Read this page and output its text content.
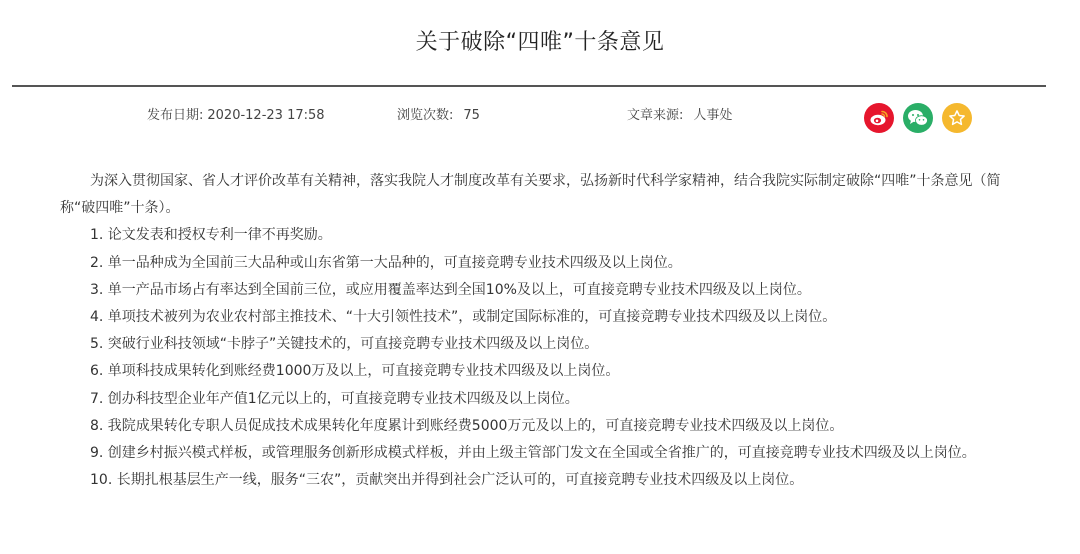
关于破除“四唯”十条意见
发布日期: 2020-12-23 17:58	浏览次数: 75	文章来源: 人事处

为深入贯彻国家、省人才评价改革有关精神，落实我院人才制度改革有关要求，弘扬新时代科学家精神，结合我院实际制定破除“四唯”十条意见（简称“破四唯”十条）。

1. 论文发表和授权专利一律不再奖励。

2. 单一品种成为全国前三大品种或山东省第一大品种的，可直接竞聘专业技术四级及以上岗位。

3. 单一产品市场占有率达到全国前三位，或应用覆盖率达到全国10%及以上，可直接竞聘专业技术四级及以上岗位。

4. 单项技术被列为农业农村部主推技术、“十大引领性技术”，或制定国际标准的，可直接竞聘专业技术四级及以上岗位。

5. 突破行业科技领域“卡脖子”关键技术的，可直接竞聘专业技术四级及以上岗位。

6. 单项科技成果转化到账经费1000万及以上，可直接竞聘专业技术四级及以上岗位。

7. 创办科技型企业年产值1亿元以上的，可直接竞聘专业技术四级及以上岗位。

8. 我院成果转化专职人员促成技术成果转化年度累计到账经费5000万元及以上的，可直接竞聘专业技术四级及以上岗位。

9. 创建乡村振兴模式样板，或管理服务创新形成模式样板，并由上级主管部门发文在全国或全省推广的，可直接竞聘专业技术四级及以上岗位。

10. 长期扎根基层生产一线，服务“三农”，贡献突出并得到社会广泛认可的，可直接竞聘专业技术四级及以上岗位。
